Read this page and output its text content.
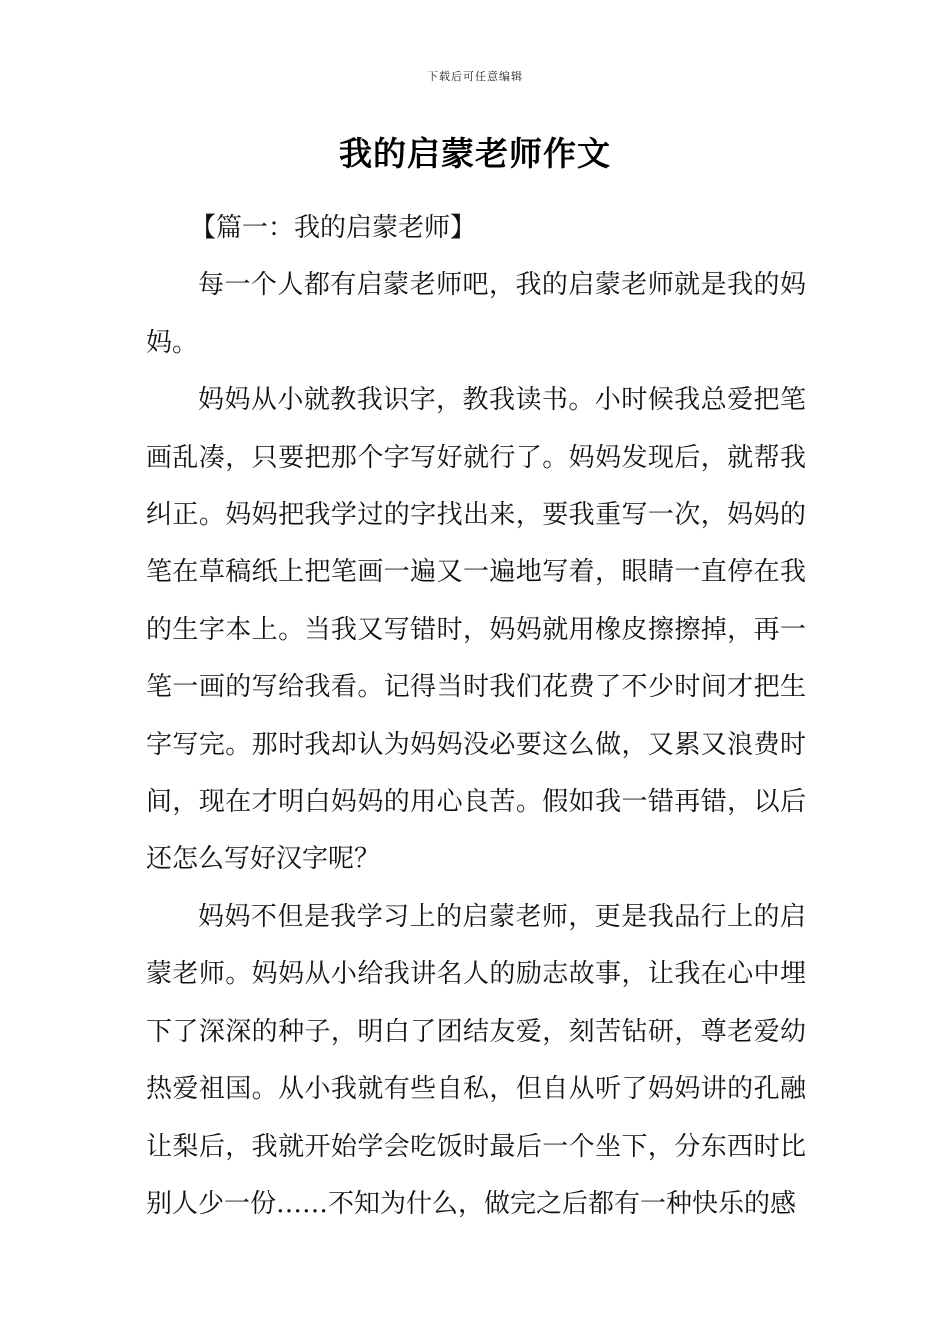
下载后可任意编辑
我的启蒙老师作文

【篇一：我的启蒙老师】

每一个人都有启蒙老师吧，我的启蒙老师就是我的妈妈。

妈妈从小就教我识字，教我读书。小时候我总爱把笔画乱凑，只要把那个字写好就行了。妈妈发现后，就帮我纠正。妈妈把我学过的字找出来，要我重写一次，妈妈的笔在草稿纸上把笔画一遍又一遍地写着，眼睛一直停在我的生字本上。当我又写错时，妈妈就用橡皮擦擦掉，再一笔一画的写给我看。记得当时我们花费了不少时间才把生字写完。那时我却认为妈妈没必要这么做，又累又浪费时间，现在才明白妈妈的用心良苦。假如我一错再错，以后还怎么写好汉字呢？

妈妈不但是我学习上的启蒙老师，更是我品行上的启蒙老师。妈妈从小给我讲名人的励志故事，让我在心中埋下了深深的种子，明白了团结友爱，刻苦钻研，尊老爱幼热爱祖国。从小我就有些自私，但自从听了妈妈讲的孔融让梨后，我就开始学会吃饭时最后一个坐下，分东西时比别人少一份……不知为什么，做完之后都有一种快乐的感
